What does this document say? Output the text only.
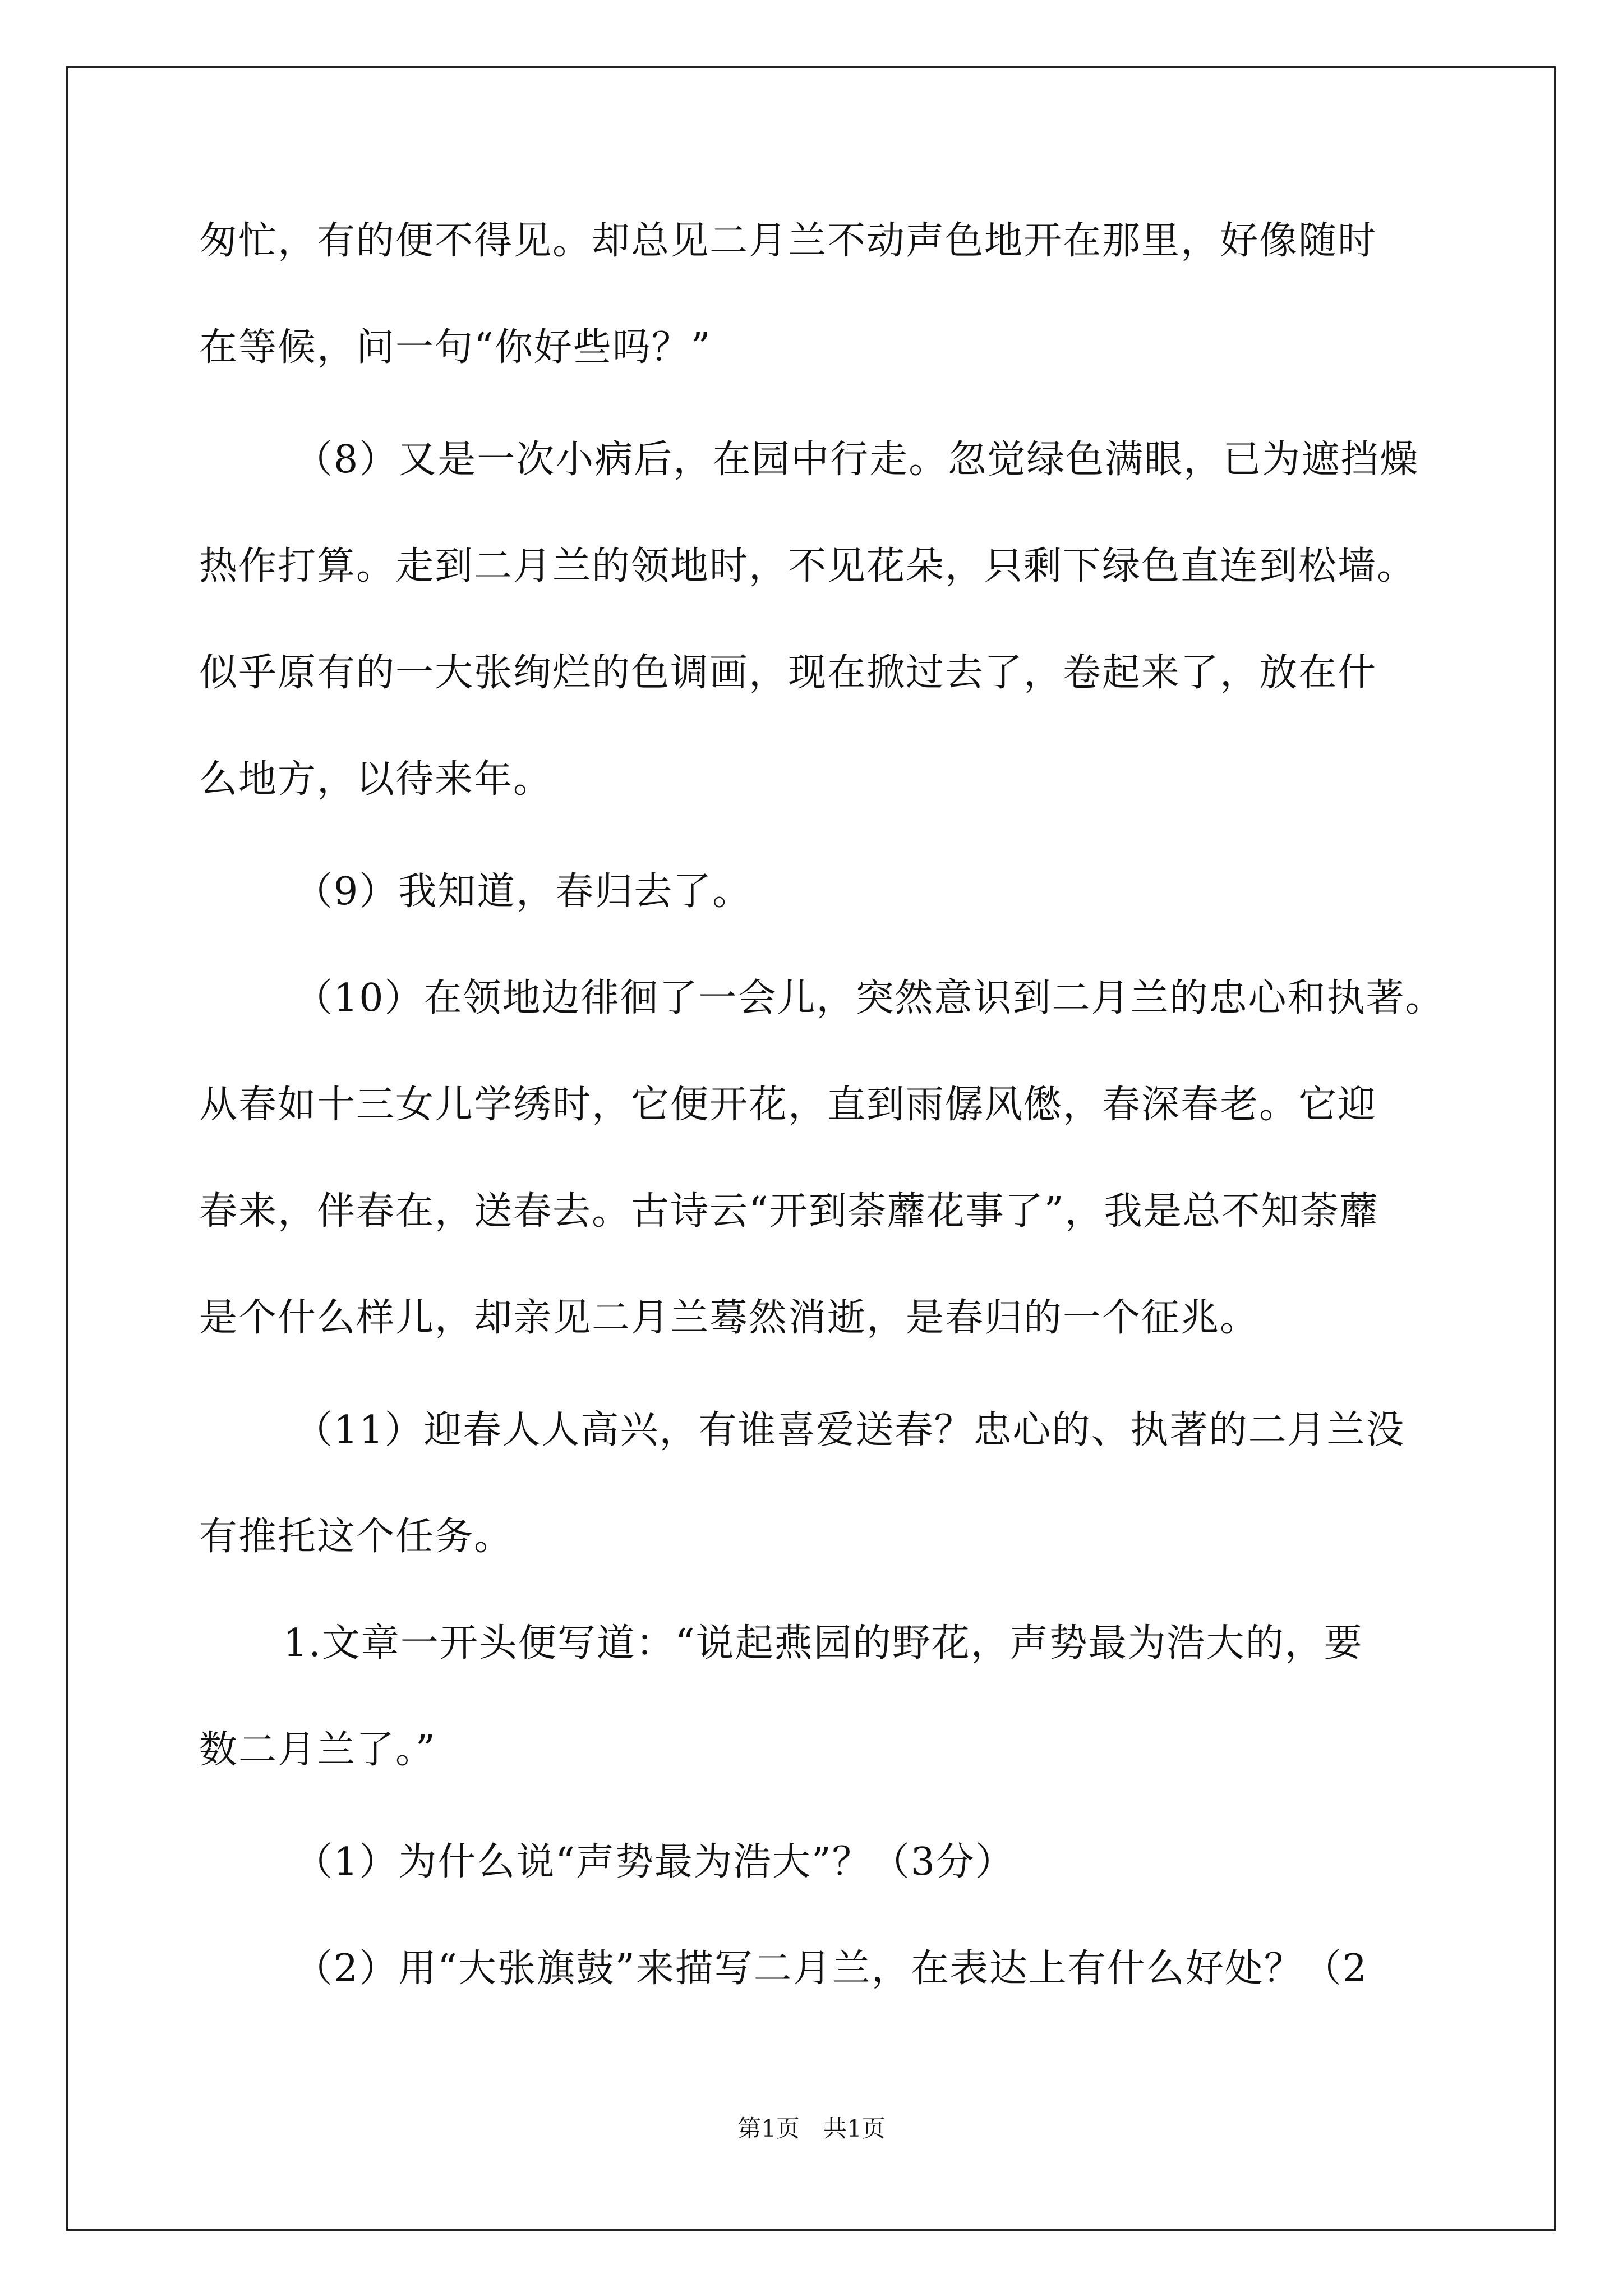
匆忙，有的便不得见。却总见二月兰不动声色地开在那里，好像随时
在等候，问一句“你好些吗？”
（8）又是一次小病后，在园中行走。忽觉绿色满眼，已为遮挡燥
热作打算。走到二月兰的领地时，不见花朵，只剩下绿色直连到松墙。
似乎原有的一大张绚烂的色调画，现在掀过去了，卷起来了，放在什
么地方，以待来年。
（9）我知道，春归去了。
（10）在领地边徘徊了一会儿，突然意识到二月兰的忠心和执著。
从春如十三女儿学绣时，它便开花，直到雨僝风僽，春深春老。它迎
春来，伴春在，送春去。古诗云“开到荼蘼花事了”，我是总不知荼蘼
是个什么样儿，却亲见二月兰蓦然消逝，是春归的一个征兆。
（11）迎春人人高兴，有谁喜爱送春？忠心的、执著的二月兰没
有推托这个任务。
1.文章一开头便写道：“说起燕园的野花，声势最为浩大的，要
数二月兰了。”
（1）为什么说“声势最为浩大”？（3分）
（2）用“大张旗鼓”来描写二月兰，在表达上有什么好处？（2
第1页　共1页
